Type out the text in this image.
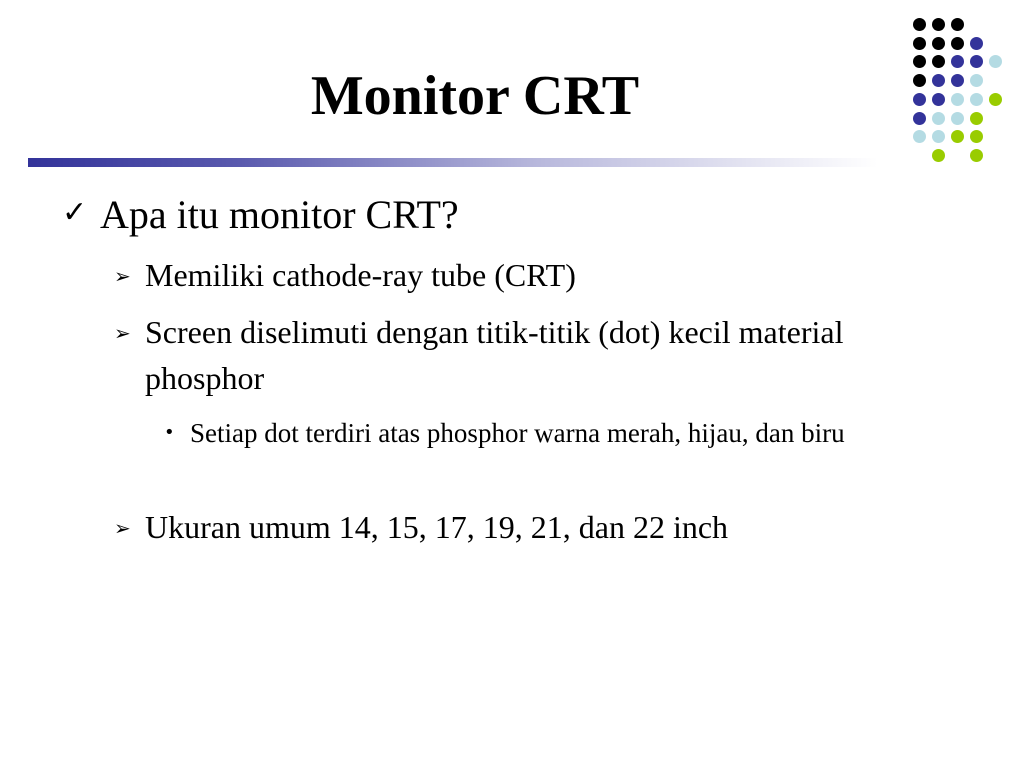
Monitor CRT
✓ Apa itu monitor CRT?
➢ Memiliki cathode-ray tube (CRT)
➢ Screen diselimuti dengan titik-titik (dot) kecil material phosphor
• Setiap dot terdiri atas phosphor warna merah, hijau, dan biru
➢ Ukuran umum 14, 15, 17, 19, 21, dan 22 inch
